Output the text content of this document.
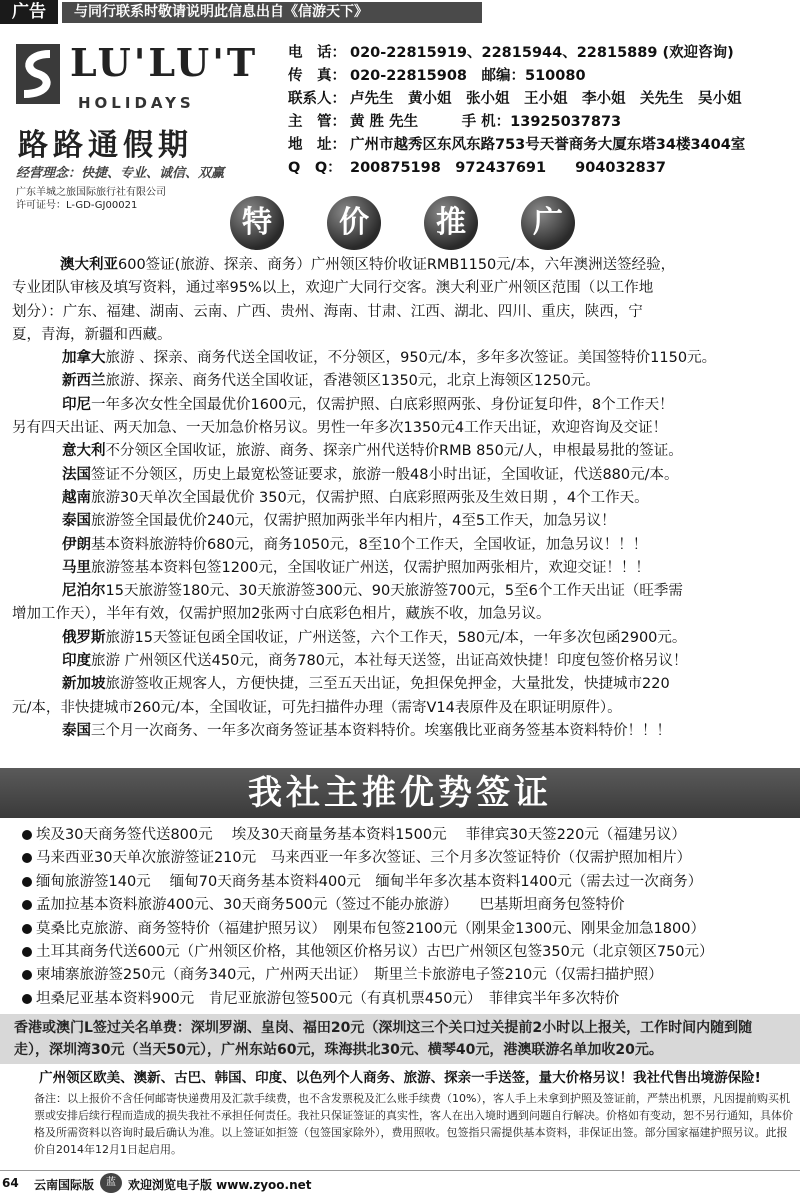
广告	与同行联系时敬请说明此信息出自《信游天下》
LU'LU'T
HOLIDAYS
路路通假期
经营理念：快捷、专业、诚信、双赢
广东羊城之旅国际旅行社有限公司
许可证号：L-GD-GJ00021
电　话： 020-22815919、22815944、22815889 (欢迎咨询)
传　真： 020-22815908　邮编：510080
联系人： 卢先生　黄小姐　张小姐　王小姐　李小姐　关先生　吴小姐
主　管： 黄 胜 先生　　　手 机：13925037873
地　址： 广州市越秀区东风东路753号天誉商务大厦东塔34楼3404室
Q　Q： 200875198　972437691　　904032837
特	价	推	广
澳大利亚600签证(旅游、探亲、商务）广州领区特价收证RMB1150元/本，六年澳洲送签经验，
专业团队审核及填写资料，通过率95%以上，欢迎广大同行交客。澳大利亚广州领区范围（以工作地
划分）：广东、福建、湖南、云南、广西、贵州、海南、甘肃、江西、湖北、四川、重庆，陕西，宁
夏，青海，新疆和西藏。
加拿大旅游 、探亲、商务代送全国收证，不分领区，950元/本，多年多次签证。美国签特价1150元。
新西兰旅游、探亲、商务代送全国收证，香港领区1350元，北京上海领区1250元。
印尼一年多次女性全国最优价1600元，仅需护照、白底彩照两张、身份证复印件，8个工作天！
另有四天出证、两天加急、一天加急价格另议。男性一年多次1350元4工作天出证，欢迎咨询及交证！
意大利不分领区全国收证，旅游、商务、探亲广州代送特价RMB 850元/人，申根最易批的签证。
法国签证不分领区，历史上最宽松签证要求，旅游一般48小时出证，全国收证，代送880元/本。
越南旅游30天单次全国最优价 350元，仅需护照、白底彩照两张及生效日期 ，4个工作天。
泰国旅游签全国最优价240元，仅需护照加两张半年内相片，4至5工作天，加急另议！
伊朗基本资料旅游特价680元，商务1050元，8至10个工作天，全国收证，加急另议！！！
马里旅游签基本资料包签1200元，全国收证广州送，仅需护照加两张相片，欢迎交证！！！
尼泊尔15天旅游签180元、30天旅游签300元、90天旅游签700元，5至6个工作天出证（旺季需
增加工作天），半年有效，仅需护照加2张两寸白底彩色相片，藏族不收，加急另议。
俄罗斯旅游15天签证包函全国收证，广州送签，六个工作天，580元/本，一年多次包函2900元。
印度旅游 广州领区代送450元，商务780元，本社每天送签，出证高效快捷！印度包签价格另议！
新加坡旅游签收正规客人，方便快捷，三至五天出证，免担保免押金，大量批发，快捷城市220
元/本，非快捷城市260元/本，全国收证，可先扫描件办理（需寄V14表原件及在职证明原件）。
泰国三个月一次商务、一年多次商务签证基本资料特价。埃塞俄比亚商务签基本资料特价！！！
我社主推优势签证
埃及30天商务签代送800元　 埃及30天商量务基本资料1500元　 菲律宾30天签220元（福建另议）
马来西亚30天单次旅游签证210元　马来西亚一年多次签证、三个月多次签证特价（仅需护照加相片）
缅甸旅游签140元　 缅甸70天商务基本资料400元　缅甸半年多次基本资料1400元（需去过一次商务）
孟加拉基本资料旅游400元、30天商务500元（签过不能办旅游）　　巴基斯坦商务包签特价
莫桑比克旅游、商务签特价（福建护照另议）　刚果布包签2100元（刚果金1300元、刚果金加急1800）
土耳其商务代送600元（广州领区价格，其他领区价格另议）古巴广州领区包签350元（北京领区750元）
柬埔寨旅游签250元（商务340元，广州两天出证）　斯里兰卡旅游电子签210元（仅需扫描护照）
坦桑尼亚基本资料900元　肯尼亚旅游包签500元（有真机票450元）　菲律宾半年多次特价
香港或澳门L签过关名单费：深圳罗湖、皇岗、福田20元（深圳这三个关口过关提前2小时以上报关，工作时间内随到随走），深圳湾30元（当天50元），广州东站60元，珠海拱北30元、横琴40元，港澳联游名单加收20元。
广州领区欧美、澳新、古巴、韩国、印度、以色列个人商务、旅游、探亲一手送签，量大价格另议！我社代售出境游保险!
备注：以上报价不含任何邮寄快递费用及汇款手续费，也不含发票税及汇么账手续费（10%），客人手上未拿到护照及签证前，严禁出机票，凡因提前购买机票或安排后续行程而造成的损失我社不承担任何责任。我社只保证签证的真实性，客人在出入境时遇到问题自行解决。价格如有变动，恕不另行通知，具体价格及所需资料以咨询时最后确认为准。以上签证如拒签（包签国家除外），费用照收。包签指只需提供基本资料，非保证出签。部分国家福建护照另议。此报价自2014年12月1日起启用。
64 云南国际版	蓝	欢迎浏览电子版 www.zyoo.net
